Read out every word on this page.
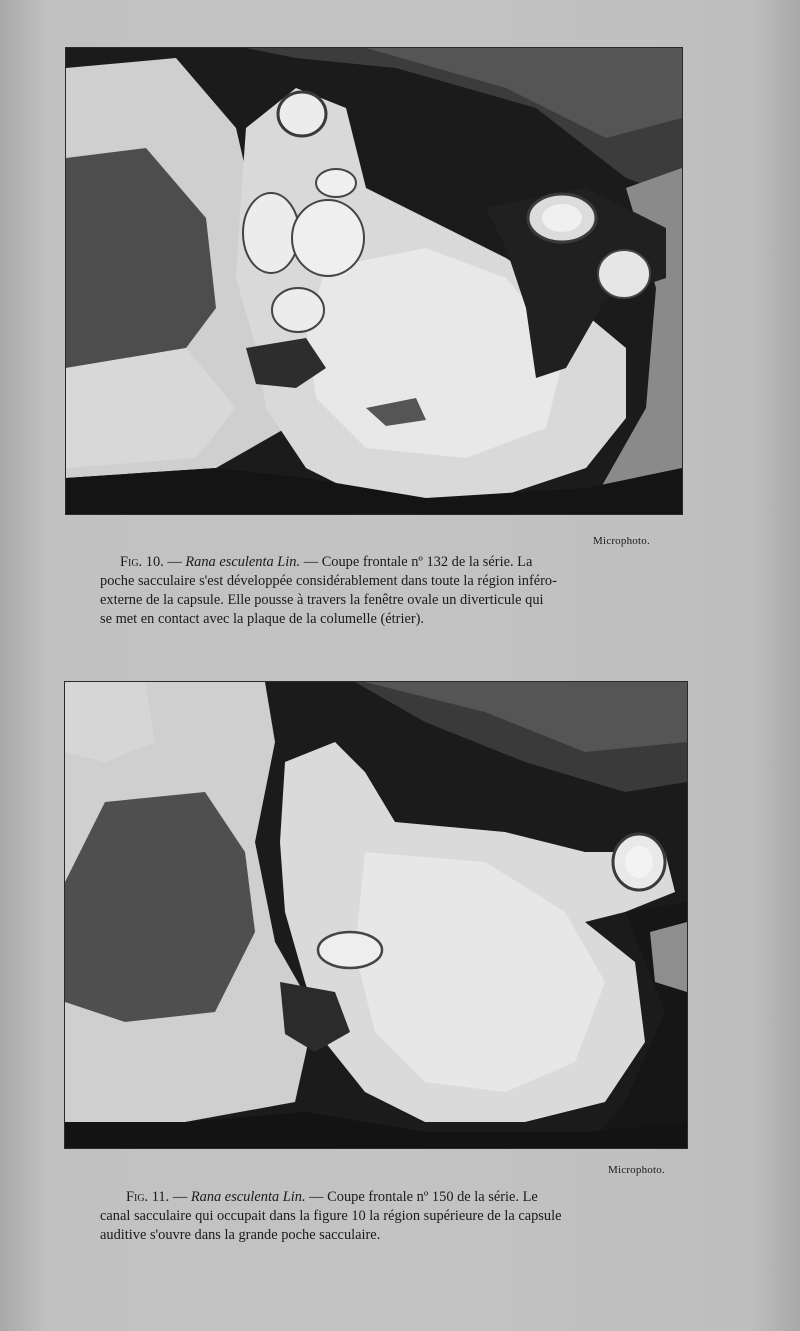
Microphoto.
Fig. 10. — Rana esculenta Lin. — Coupe frontale nº 132 de la série. La
poche sacculaire s'est développée considérablement dans toute la région inféro-
externe de la capsule. Elle pousse à travers la fenêtre ovale un diverticule qui
se met en contact avec la plaque de la columelle (étrier).
Microphoto.
Fig. 11. — Rana esculenta Lin. — Coupe frontale nº 150 de la série. Le
canal sacculaire qui occupait dans la figure 10 la région supérieure de la capsule
auditive s'ouvre dans la grande poche sacculaire.
